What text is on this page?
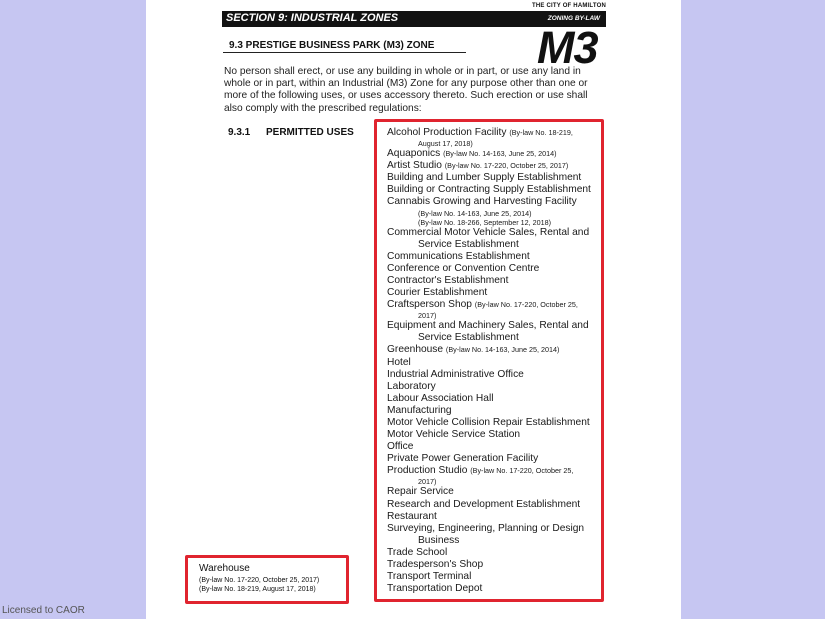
THE CITY OF HAMILTON
SECTION 9: INDUSTRIAL ZONES	ZONING BY-LAW
9.3 PRESTIGE BUSINESS PARK (M3) ZONE M3

No person shall erect, or use any building in whole or in part, or use any land in whole or in part, within an Industrial (M3) Zone for any purpose other than one or more of the following uses, or uses accessory thereto. Such erection or use shall also comply with the prescribed regulations:

9.3.1 PERMITTED USES	Alcohol Production Facility (By-law No. 18-219,
August 17, 2018)
Aquaponics (By-law No. 14-163, June 25, 2014)
Artist Studio (By-law No. 17-220, October 25, 2017)
Building and Lumber Supply Establishment
Building or Contracting Supply Establishment
Cannabis Growing and Harvesting Facility
(By-law No. 14-163, June 25, 2014)
(By-law No. 18-266, September 12, 2018)
Commercial Motor Vehicle Sales, Rental and
Service Establishment
Communications Establishment
Conference or Convention Centre
Contractor's Establishment
Courier Establishment
Craftsperson Shop (By-law No. 17-220, October 25,
2017)
Equipment and Machinery Sales, Rental and
Service Establishment
Greenhouse (By-law No. 14-163, June 25, 2014)
Hotel
Industrial Administrative Office
Laboratory
Labour Association Hall
Manufacturing
Motor Vehicle Collision Repair Establishment
Motor Vehicle Service Station
Office
Private Power Generation Facility
Production Studio (By-law No. 17-220, October 25,
2017)
Repair Service
Research and Development Establishment
Restaurant
Surveying, Engineering, Planning or Design
Business
Trade School
Tradesperson's Shop
Transport Terminal
Transportation Depot
Warehouse
(By-law No. 17-220, October 25, 2017)
(By-law No. 18-219, August 17, 2018)
Licensed to CAOR
